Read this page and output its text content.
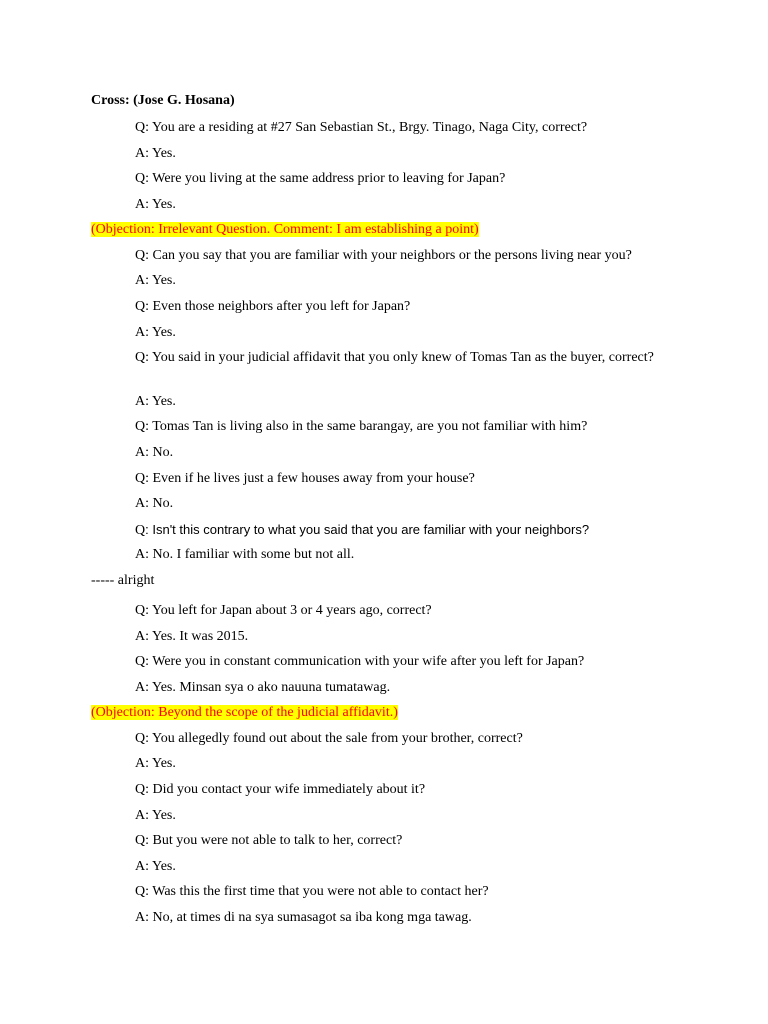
Cross: (Jose G. Hosana)
Q: You are a residing at #27 San Sebastian St., Brgy. Tinago, Naga City, correct?
A: Yes.
Q: Were you living at the same address prior to leaving for Japan?
A: Yes.
(Objection: Irrelevant Question. Comment: I am establishing a point)
Q: Can you say that you are familiar with your neighbors or the persons living near you?
A: Yes.
Q: Even those neighbors after you left for Japan?
A: Yes.
Q: You said in your judicial affidavit that you only knew of Tomas Tan as the buyer, correct?
A: Yes.
Q: Tomas Tan is living also in the same barangay, are you not familiar with him?
A: No.
Q: Even if he lives just a few houses away from your house?
A: No.
Q: Isn't this contrary to what you said that you are familiar with your neighbors?
A: No. I familiar with some but not all.
----- alright
Q: You left for Japan about 3 or 4 years ago, correct?
A: Yes. It was 2015.
Q: Were you in constant communication with your wife after you left for Japan?
A: Yes. Minsan sya o ako nauuna tumatawag.
(Objection: Beyond the scope of the judicial affidavit.)
Q: You allegedly found out about the sale from your brother, correct?
A: Yes.
Q: Did you contact your wife immediately about it?
A: Yes.
Q: But you were not able to talk to her, correct?
A: Yes.
Q: Was this the first time that you were not able to contact her?
A: No, at times di na sya sumasagot sa iba kong mga tawag.
